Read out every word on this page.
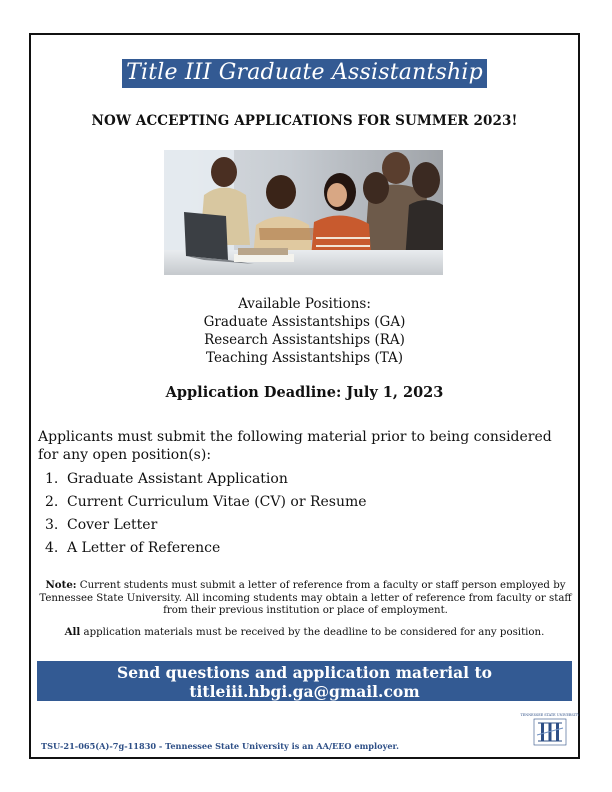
Title III Graduate Assistantship
NOW ACCEPTING APPLICATIONS FOR SUMMER 2023!
Available Positions:
Graduate Assistantships (GA)
Research Assistantships (RA)
Teaching Assistantships (TA)
Application Deadline: July 1, 2023
Applicants must submit the following material prior to being considered for any open position(s):
1. Graduate Assistant Application
2. Current Curriculum Vitae (CV) or Resume
3. Cover Letter
4. A Letter of Reference
Note: Current students must submit a letter of reference from a faculty or staff person employed by Tennessee State University. All incoming students may obtain a letter of reference from faculty or staff from their previous institution or place of employment.
All application materials must be received by the deadline to be considered for any position.
Send questions and application material to
titleiii.hbgi.ga@gmail.com
TENNESSEE STATE UNIVERSITY
TSU-21-065(A)-7g-11830 - Tennessee State University is an AA/EEO employer.
